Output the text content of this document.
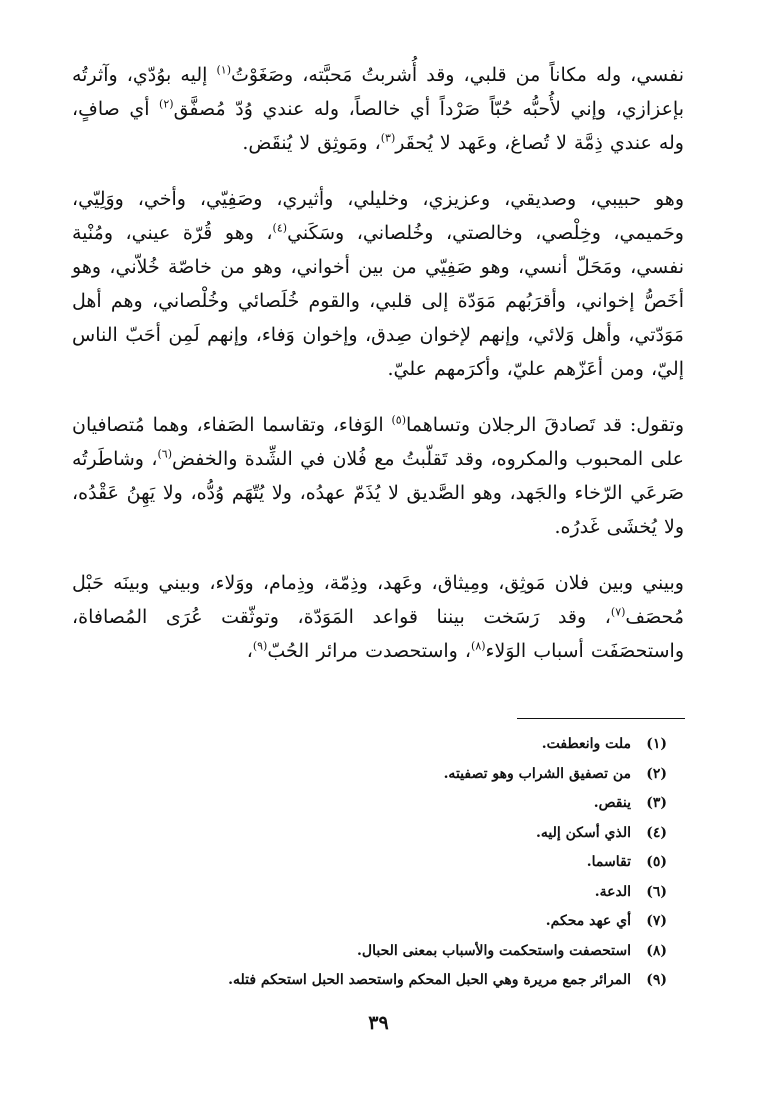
نفسي، وله مكاناً من قلبي، وقد أُشربتُ مَحبَّته، وصَغَوْتُ$^{(١)}$ إليه بوُدّي، وآثرتُه بإعزازي، وإني لأُحبُّه حُبّاً صَرْداً أي خالصاً، وله عندي وُدّ مُصفَّق$^{(٢)}$ أي صافٍ، وله عندي ذِمَّة لا تُصاغ، وعَهد لا يُحقَر$^{(٣)}$، ومَوثِق لا يُنقَض.

وهو حبيبي، وصديقي، وعزيزي، وخليلي، وأثيري، وصَفِيّي، وأخي، ووَلِيّي، وحَميمي، وخِلْصي، وخالصتي، وخُلصاني، وسَكَني$^{(٤)}$، وهو قُرّة عيني، ومُنْية نفسي، ومَحَلّ أنسي، وهو صَفِيّي من بين أخواني، وهو من خاصّة خُلاّني، وهو أخَصُّ إخواني، وأقرَبُهم مَوَدّة إلى قلبي، والقوم خُلَصائي وخُلْصاني، وهم أهل مَوَدّتي، وأهل وَلائي، وإنهم لإخوان صِدق، وإخوان وَفاء، وإنهم لَمِن أحَبّ الناس إليّ، ومن أعَزّهم عليّ، وأكرَمهم عليّ.

وتقول: قد تَصادقَ الرجلان وتساهما$^{(٥)}$ الوَفاء، وتقاسما الصَفاء، وهما مُتصافيان على المحبوب والمكروه، وقد تَقلّبتُ مع فُلان في الشِّدة والخفض$^{(٦)}$، وشاطَرتُه صَرعَي الرّخاء والجَهد، وهو الصَّديق لا يُذَمّ عهدُه، ولا يُتّهَم وُدُّه، ولا يَهِنُ عَقْدُه، ولا يُخشَى غَدرُه.

وبيني وبين فلان مَوثِق، ومِيثاق، وعَهد، وذِمّة، وذِمام، ووَلاء، وبيني وبينَه حَبْل مُحصَف$^{(٧)}$، وقد رَسَخت بيننا قواعد المَوَدّة، وتوثّقت عُرَى المُصافاة، واستحصَفَت أسباب الوَلاء$^{(٨)}$، واستحصدت مرائر الحُبّ$^{(٩)}$،

(١)ملت وانعطفت.
(٢)من تصفيق الشراب وهو تصفيته.
(٣)ينقص.
(٤)الذي أسكن إليه.
(٥)تقاسما.
(٦)الدعة.
(٧)أي عهد محكم.
(٨)استحصفت واستحكمت والأسباب بمعنى الحبال.
(٩)المرائر جمع مريرة وهي الحبل المحكم واستحصد الحبل استحكم فتله.
٣٩
